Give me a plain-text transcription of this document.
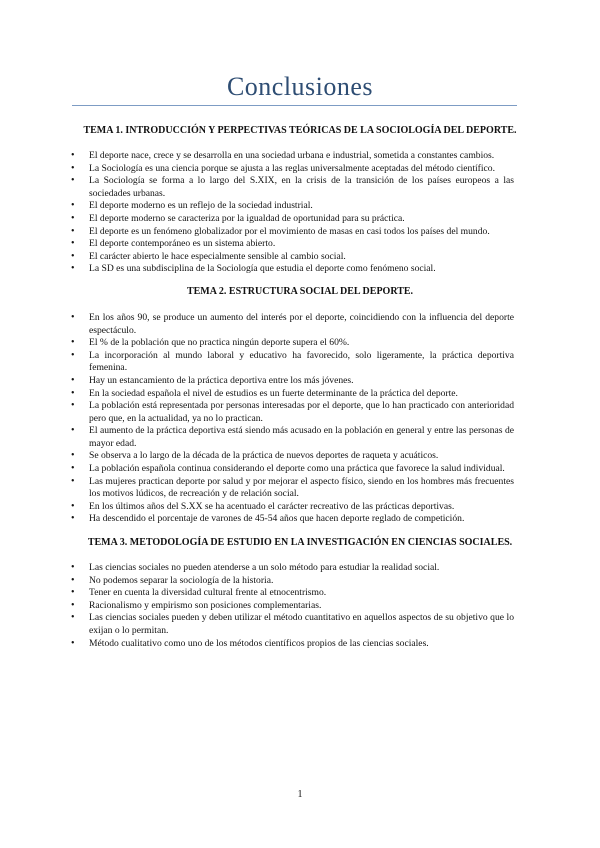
Conclusiones

TEMA 1. INTRODUCCIÓN Y PERPECTIVAS TEÓRICAS DE LA SOCIOLOGÍA DEL DEPORTE.

• El deporte nace, crece y se desarrolla en una sociedad urbana e industrial, sometida a constantes cambios.
• La Sociología es una ciencia porque se ajusta a las reglas universalmente aceptadas del método científico.
• La Sociología se forma a lo largo del S.XIX, en la crisis de la transición de los países europeos a las sociedades urbanas.
• El deporte moderno es un reflejo de la sociedad industrial.
• El deporte moderno se caracteriza por la igualdad de oportunidad para su práctica.
• El deporte es un fenómeno globalizador por el movimiento de masas en casi todos los países del mundo.
• El deporte contemporáneo es un sistema abierto.
• El carácter abierto le hace especialmente sensible al cambio social.
• La SD es una subdisciplina de la Sociología que estudia el deporte como fenómeno social.

TEMA 2. ESTRUCTURA SOCIAL DEL DEPORTE.

• En los años 90, se produce un aumento del interés por el deporte, coincidiendo con la influencia del deporte espectáculo.
• El % de la población que no practica ningún deporte supera el 60%.
• La incorporación al mundo laboral y educativo ha favorecido, solo ligeramente, la práctica deportiva femenina.
• Hay un estancamiento de la práctica deportiva entre los más jóvenes.
• En la sociedad española el nivel de estudios es un fuerte determinante de la práctica del deporte.
• La población está representada por personas interesadas por el deporte, que lo han practicado con anterioridad pero que, en la actualidad, ya no lo practican.
• El aumento de la práctica deportiva está siendo más acusado en la población en general y entre las personas de mayor edad.
• Se observa a lo largo de la década de la práctica de nuevos deportes de raqueta y acuáticos.
• La población española continua considerando el deporte como una práctica que favorece la salud individual.
• Las mujeres practican deporte por salud y por mejorar el aspecto físico, siendo en los hombres más frecuentes los motivos lúdicos, de recreación y de relación social.
• En los últimos años del S.XX se ha acentuado el carácter recreativo de las prácticas deportivas.
• Ha descendido el porcentaje de varones de 45-54 años que hacen deporte reglado de competición.

TEMA 3. METODOLOGÍA DE ESTUDIO EN LA INVESTIGACIÓN EN CIENCIAS SOCIALES.

• Las ciencias sociales no pueden atenderse a un solo método para estudiar la realidad social.
• No podemos separar la sociología de la historia.
• Tener en cuenta la diversidad cultural frente al etnocentrismo.
• Racionalismo y empirismo son posiciones complementarias.
• Las ciencias sociales pueden y deben utilizar el método cuantitativo en aquellos aspectos de su objetivo que lo exijan o lo permitan.
• Método cualitativo como uno de los métodos científicos propios de las ciencias sociales.
1
